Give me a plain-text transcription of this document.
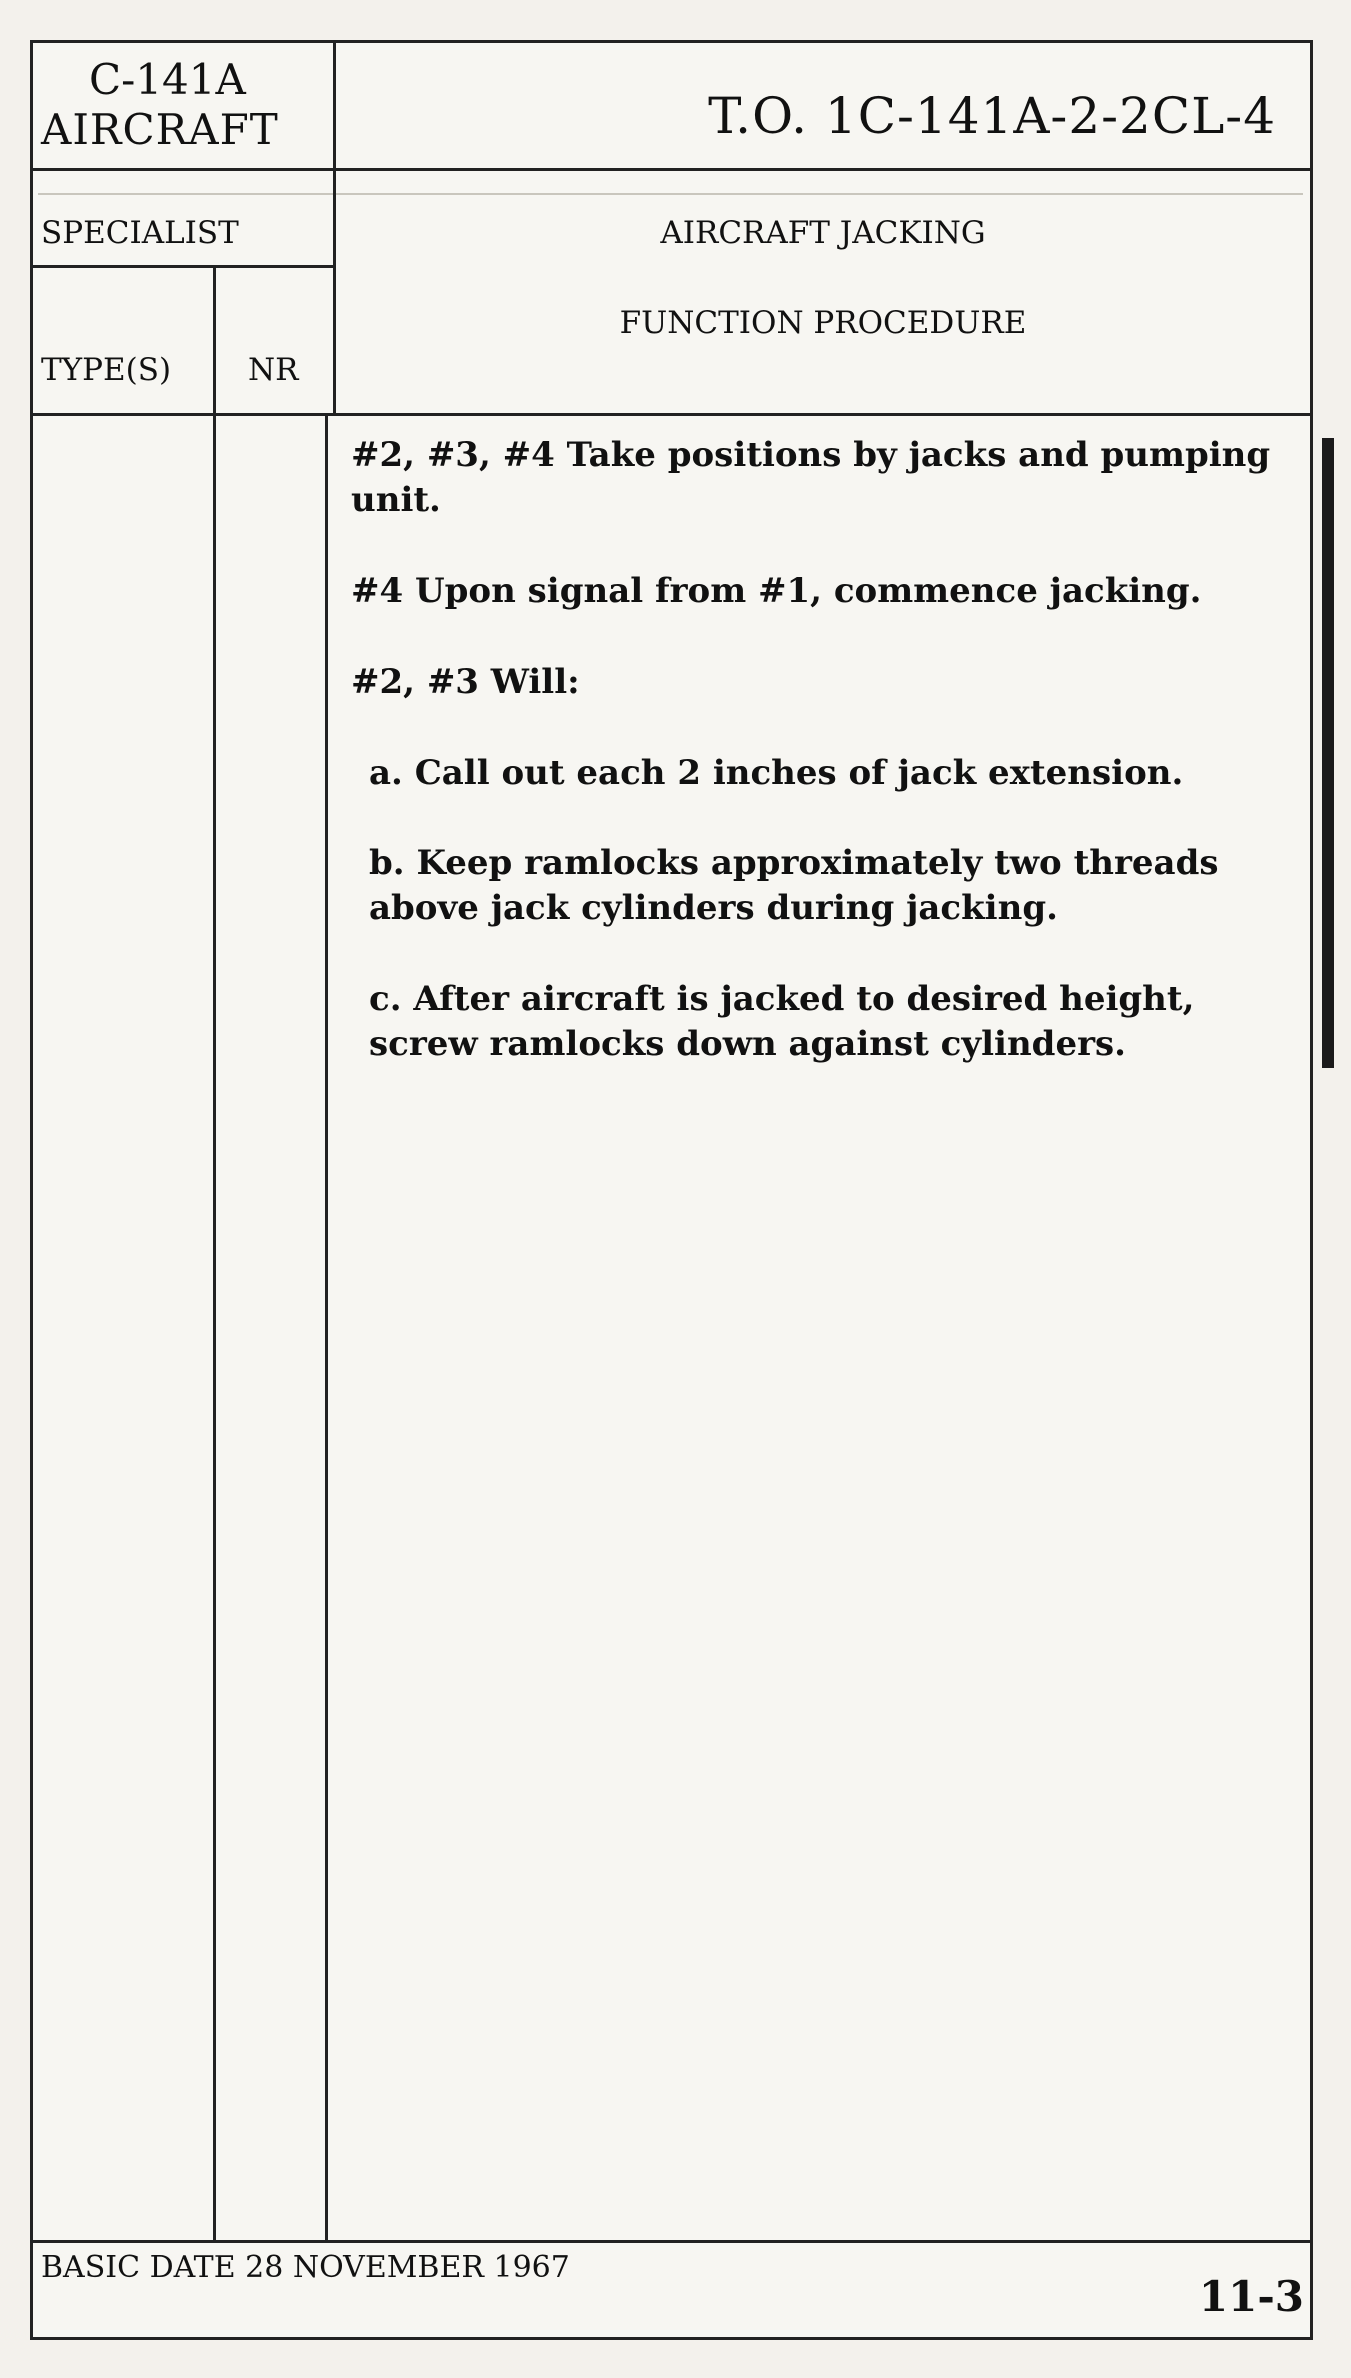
C-141A
AIRCRAFT	T.O. 1C-141A-2-2CL-4
SPECIALIST	AIRCRAFT JACKING
FUNCTION PROCEDURE
TYPE(S) NR

#2, #3, #4 Take positions by jacks and pumping unit.

#4 Upon signal from #1, commence jacking.

#2, #3 Will:

a. Call out each 2 inches of jack extension.

b. Keep ramlocks approximately two threads above jack cylinders during jacking.

c. After aircraft is jacked to desired height, screw ramlocks down against cylinders.

BASIC DATE 28 NOVEMBER 1967
11-3
